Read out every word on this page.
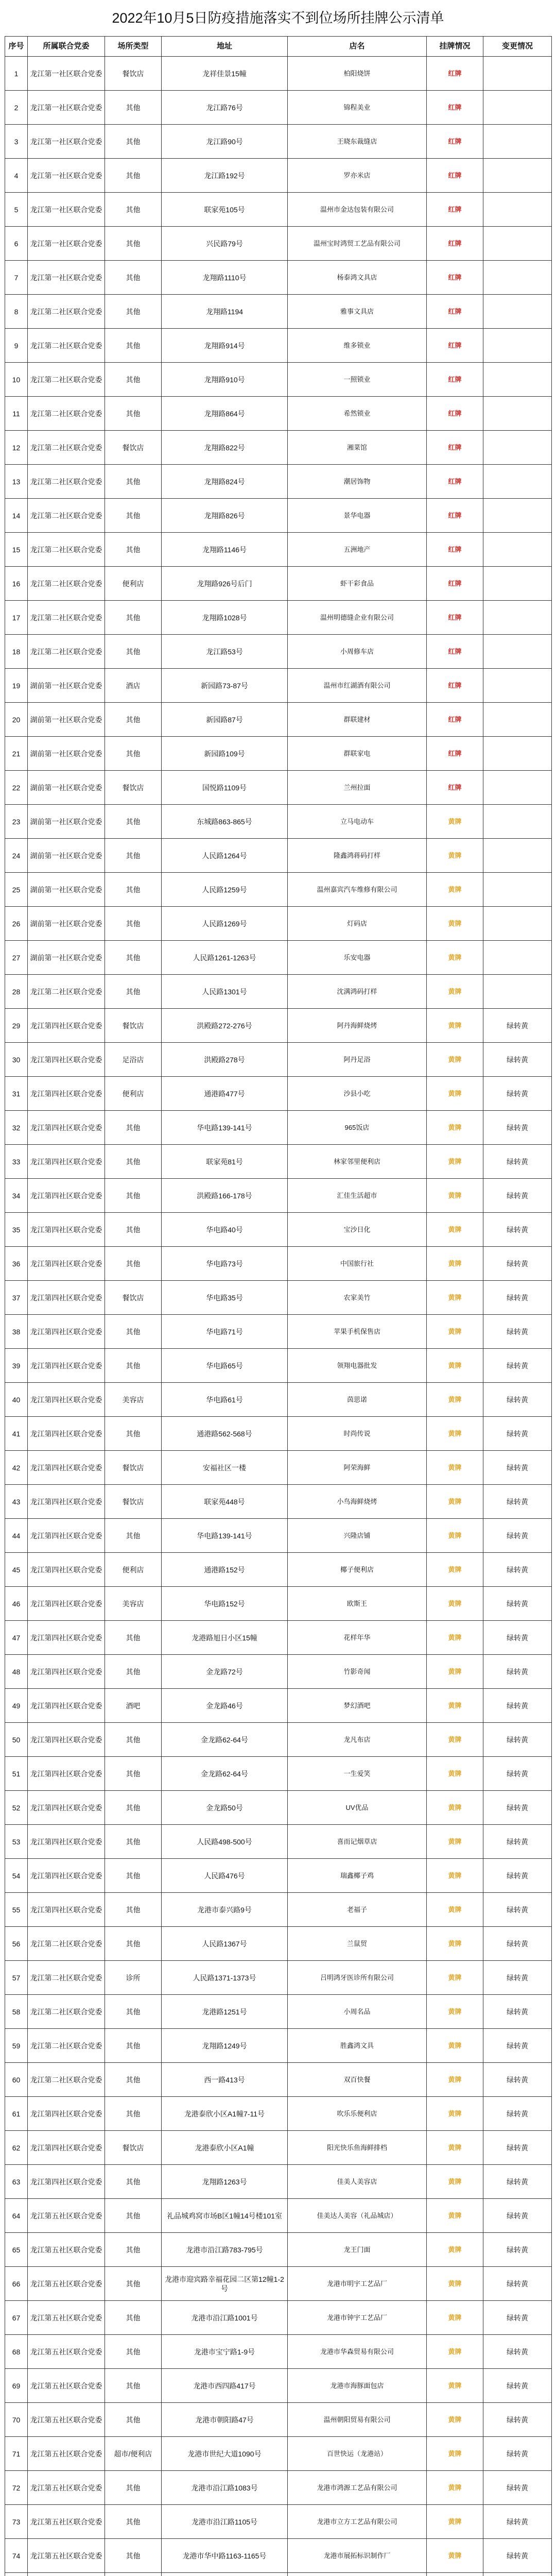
2022年10月5日防疫措施落实不到位场所挂牌公示清单
序号	所属联合党委	场所类型	地址	店名	挂牌情况	变更情况
1	龙江第一社区联合党委	餐饮店	龙祥佳景15幢	柏阳烧饼	红牌	
2	龙江第一社区联合党委	其他	龙江路76号	锦程美业	红牌	
3	龙江第一社区联合党委	其他	龙江路90号	王晓东裁缝店	红牌	
4	龙江第一社区联合党委	其他	龙江路192号	罗亦米店	红牌	
5	龙江第一社区联合党委	其他	联家苑105号	温州市金达包装有限公司	红牌	
6	龙江第一社区联合党委	其他	兴民路79号	温州宝时鸿贸工艺品有限公司	红牌	
7	龙江第一社区联合党委	其他	龙翔路1110号	杨泰鸿文具店	红牌	
8	龙江第二社区联合党委	其他	龙翔路1194	雅事文具店	红牌	
9	龙江第二社区联合党委	其他	龙翔路914号	维多锁业	红牌	
10	龙江第二社区联合党委	其他	龙翔路910号	一照锁业	红牌	
11	龙江第二社区联合党委	其他	龙翔路864号	希然锁业	红牌	
12	龙江第二社区联合党委	餐饮店	龙翔路822号	湘菜馆	红牌	
13	龙江第二社区联合党委	其他	龙翔路824号	潮居饰物	红牌	
14	龙江第二社区联合党委	其他	龙翔路826号	景华电器	红牌	
15	龙江第二社区联合党委	其他	龙翔路1146号	五洲地产	红牌	
16	龙江第二社区联合党委	便利店	龙翔路926号后门	虾干彩食品	红牌	
17	龙江第二社区联合党委	其他	龙翔路1028号	温州明德缝企业有限公司	红牌	
18	龙江第二社区联合党委	其他	龙江路53号	小周修车店	红牌	
19	湖前第一社区联合党委	酒店	新园路73-87号	温州市红湖酒有限公司	红牌	
20	湖前第一社区联合党委	其他	新园路87号	群联建材	红牌	
21	湖前第一社区联合党委	其他	新园路109号	群联家电	红牌	
22	湖前第一社区联合党委	餐饮店	国悦路1109号	兰州拉面	红牌	
23	湖前第一社区联合党委	其他	东城路863-865号	立马电动车	黄牌	
24	湖前第一社区联合党委	其他	人民路1264号	隆鑫鸿蒋码打样	黄牌	
25	湖前第一社区联合党委	其他	人民路1259号	温州嘉宾汽车维修有限公司	黄牌	
26	湖前第一社区联合党委	其他	人民路1269号	灯码店	黄牌	
27	湖前第一社区联合党委	其他	人民路1261-1263号	乐安电器	黄牌	
28	龙江第二社区联合党委	其他	人民路1301号	沈满鸿码打样	黄牌	
29	龙江第四社区联合党委	餐饮店	洪殿路272-276号	阿丹海鲜烧烤	黄牌	绿转黄
30	龙江第四社区联合党委	足浴店	洪殿路278号	阿丹足浴	黄牌	绿转黄
31	龙江第四社区联合党委	便利店	通港路477号	沙县小吃	黄牌	绿转黄
32	龙江第四社区联合党委	其他	华电路139-141号	965饭店	黄牌	绿转黄
33	龙江第四社区联合党委	其他	联家苑81号	林家邻里便利店	黄牌	绿转黄
34	龙江第四社区联合党委	其他	洪殿路166-178号	汇佳生活超市	黄牌	绿转黄
35	龙江第四社区联合党委	其他	华电路40号	宝沙日化	黄牌	绿转黄
36	龙江第四社区联合党委	其他	华电路73号	中国旅行社	黄牌	绿转黄
37	龙江第四社区联合党委	餐饮店	华电路35号	农家美竹	黄牌	绿转黄
38	龙江第四社区联合党委	其他	华电路71号	苹果手机保售店	黄牌	绿转黄
39	龙江第四社区联合党委	其他	华电路65号	领翔电器批发	黄牌	绿转黄
40	龙江第四社区联合党委	美容店	华电路61号	茵思诺	黄牌	绿转黄
41	龙江第四社区联合党委	其他	通港路562-568号	时尚传说	黄牌	绿转黄
42	龙江第四社区联合党委	餐饮店	安福社区一楼	阿荣海鲜	黄牌	绿转黄
43	龙江第四社区联合党委	餐饮店	联家苑448号	小鸟海鲜烧烤	黄牌	绿转黄
44	龙江第四社区联合党委	其他	华电路139-141号	兴隆店铺	黄牌	绿转黄
45	龙江第四社区联合党委	便利店	通港路152号	椰子便利店	黄牌	绿转黄
46	龙江第四社区联合党委	美容店	华电路152号	欧斯王	黄牌	绿转黄
47	龙江第四社区联合党委	其他	龙港路旭日小区15幢	花样年华	黄牌	绿转黄
48	龙江第四社区联合党委	其他	金龙路72号	竹影奇闻	黄牌	绿转黄
49	龙江第四社区联合党委	酒吧	金龙路46号	梦幻酒吧	黄牌	绿转黄
50	龙江第四社区联合党委	其他	金龙路62-64号	龙凡布店	黄牌	绿转黄
51	龙江第四社区联合党委	其他	金龙路62-64号	一生爱笑	黄牌	绿转黄
52	龙江第四社区联合党委	其他	金龙路50号	UV优品	黄牌	绿转黄
53	龙江第四社区联合党委	其他	人民路498-500号	喜而记烟草店	黄牌	绿转黄
54	龙江第四社区联合党委	其他	人民路476号	瑞鑫椰子鸡	黄牌	绿转黄
55	龙江第四社区联合党委	其他	龙港市泰兴路9号	老福子	黄牌	绿转黄
56	龙江第二社区联合党委	其他	人民路1367号	兰鼠贸	黄牌	绿转黄
57	龙江第二社区联合党委	诊所	人民路1371-1373号	吕明鸿牙医诊所有限公司	黄牌	绿转黄
58	龙江第二社区联合党委	其他	龙港路1251号	小周名品	黄牌	绿转黄
59	龙江第二社区联合党委	其他	龙翔路1249号	胜鑫鸿文具	黄牌	绿转黄
60	龙江第二社区联合党委	其他	西一路413号	双百快餐	黄牌	绿转黄
61	龙江第四社区联合党委	其他	龙港泰欣小区A1幢7-11号	吹乐乐便利店	黄牌	绿转黄
62	龙江第四社区联合党委	餐饮店	龙港泰欣小区A1幢	阳光快乐鱼海鲜排档	黄牌	绿转黄
63	龙江第四社区联合党委	其他	龙翔路1263号	佳美人美容店	黄牌	绿转黄
64	龙江第五社区联合党委	其他	礼品城鸡窝市场B区1幢14号楼101室	佳美达人美容（礼品城店）	黄牌	绿转黄
65	龙江第五社区联合党委	其他	龙港市沿江路783-795号	龙王门面	黄牌	绿转黄
66	龙江第五社区联合党委	其他	龙港市迎宾路幸福花园二区第12幢1-2号	龙港市明宇工艺品厂	黄牌	绿转黄
67	龙江第五社区联合党委	其他	龙港市沿江路1001号	龙港市钟宇工艺品厂	黄牌	绿转黄
68	龙江第五社区联合党委	其他	龙港市宝宁路1-9号	龙港市华森贸易有限公司	黄牌	绿转黄
69	龙江第五社区联合党委	其他	龙港市西四路417号	龙港市海豚面包店	黄牌	绿转黄
70	龙江第五社区联合党委	其他	龙港市朝阳路47号	温州朝阳贸易有限公司	黄牌	绿转黄
71	龙江第五社区联合党委	超市/便利店	龙港市世纪大道1090号	百世快运（龙港站）	黄牌	绿转黄
72	龙江第五社区联合党委	其他	龙港市沿江路1083号	龙港市鸿源工艺品有限公司	黄牌	绿转黄
73	龙江第五社区联合党委	其他	龙港市沿江路1105号	龙港市立方工艺品有限公司	黄牌	绿转黄
74	龙江第五社区联合党委	其他	龙港市华中路1163-1165号	龙港市展拓标识制作厂	黄牌	绿转黄
